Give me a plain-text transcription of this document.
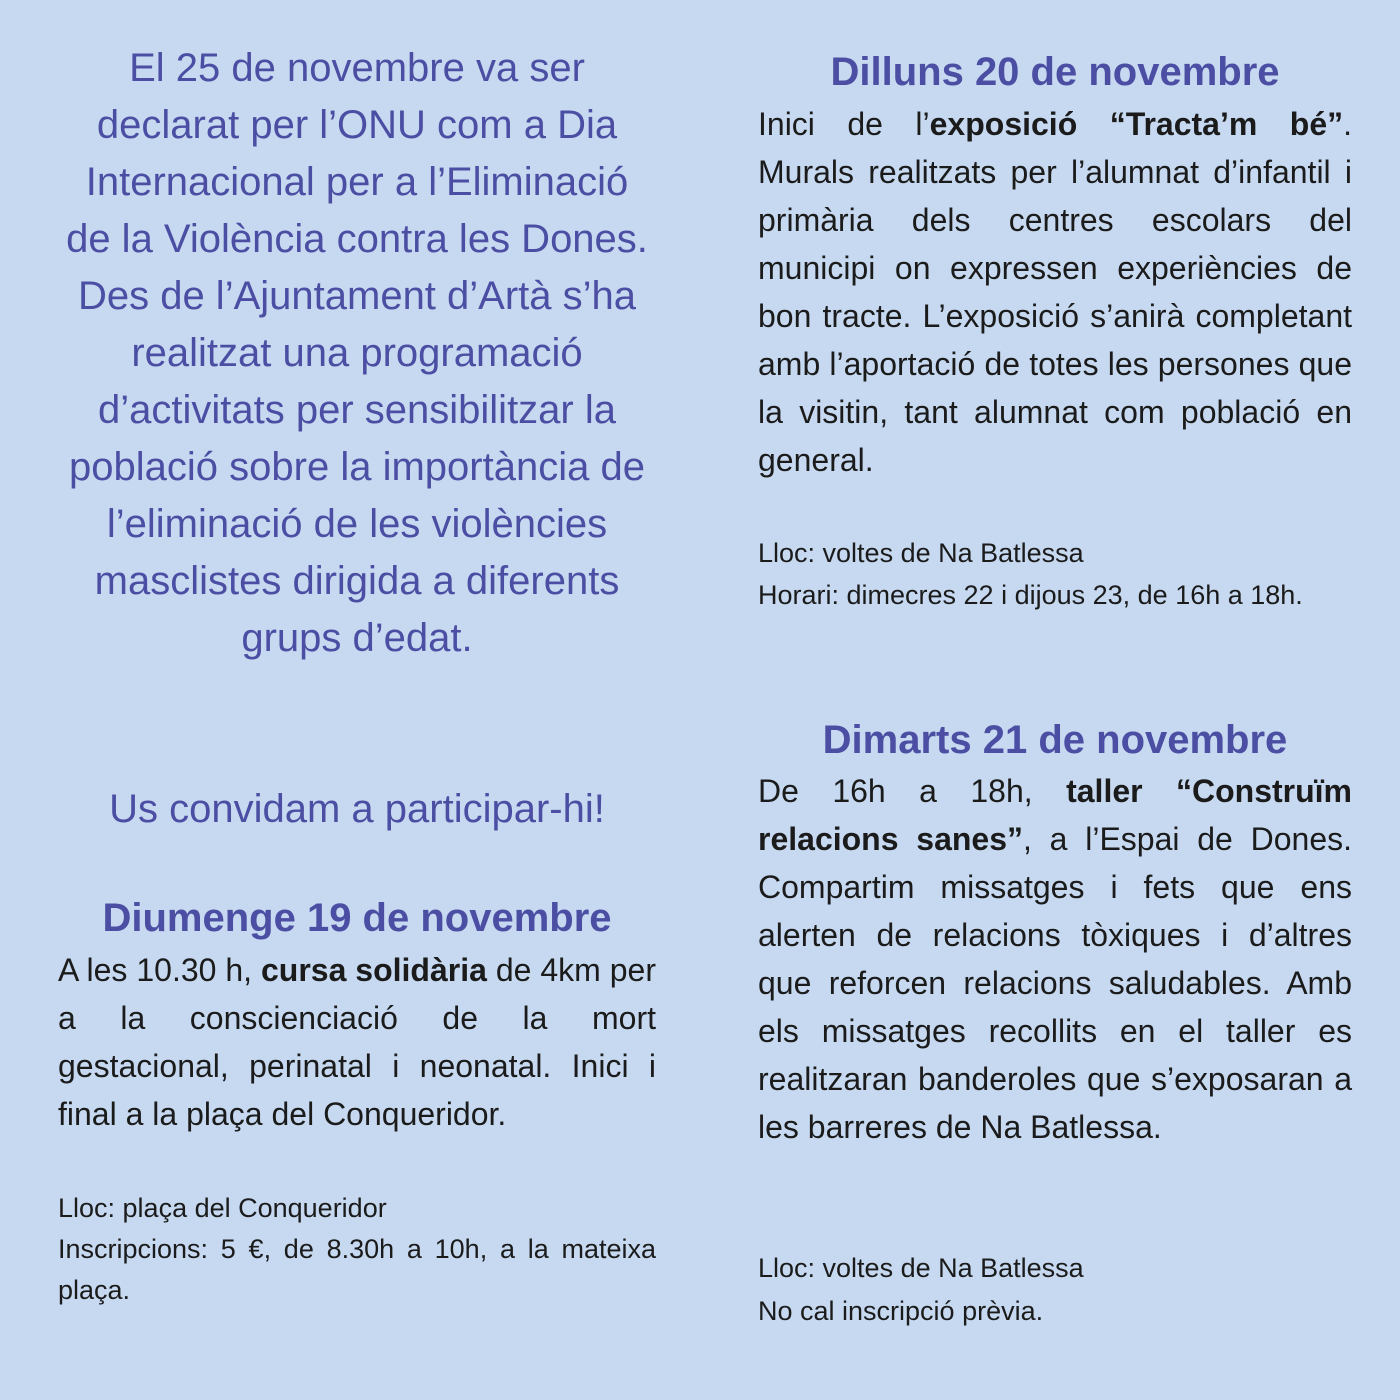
El 25 de novembre va ser declarat per l’ONU com a Dia Internacional per a l’Eliminació de la Violència contra les Dones. Des de l’Ajuntament d’Artà s’ha realitzat una programació d’activitats per sensibilitzar la població sobre la importància de l’eliminació de les violències masclistes dirigida a diferents grups d’edat.

Us convidam a participar-hi!

Diumenge 19 de novembre

A les 10.30 h, cursa solidària de 4km per a la conscienciació de la mort gestacional, perinatal i neonatal. Inici i final a la plaça del Conqueridor.

Lloc: plaça del Conqueridor

Inscripcions: 5 €, de 8.30h a 10h, a la mateixa plaça.

Dilluns 20 de novembre

Inici de l’exposició “Tracta’m bé”. Murals realitzats per l’alumnat d’infantil i primària dels centres escolars del municipi on expressen experiències de bon tracte. L’exposició s’anirà completant amb l’aportació de totes les persones que la visitin, tant alumnat com població en general.

Lloc: voltes de Na Batlessa

Horari: dimecres 22 i dijous 23, de 16h a 18h.

Dimarts 21 de novembre

De 16h a 18h, taller “Construïm relacions sanes”, a l’Espai de Dones. Compartim missatges i fets que ens alerten de relacions tòxiques i d’altres que reforcen relacions saludables. Amb els missatges recollits en el taller es realitzaran banderoles que s’exposaran a les barreres de Na Batlessa.

Lloc: voltes de Na Batlessa

No cal inscripció prèvia.
